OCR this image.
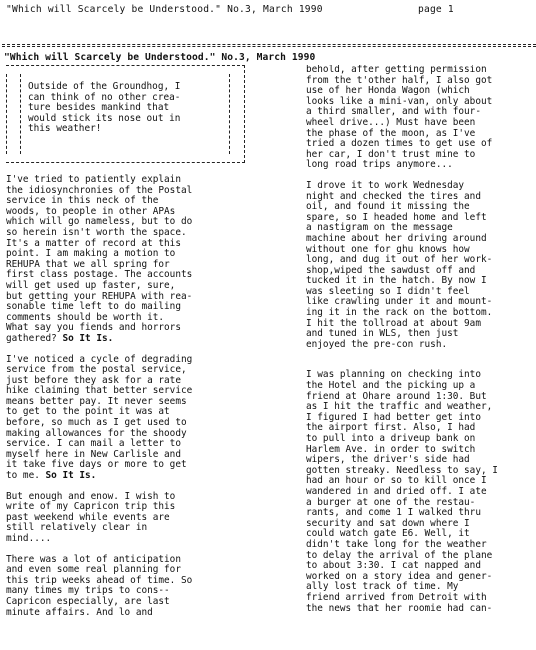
"Which will Scarcely be Understood." No.3, March 1990	page 1
"Which will Scarcely be Understood." No.3, March 1990
Outside of the Groundhog, I
can think of no other crea-
ture besides mankind that
would stick its nose out in
this weather!
I've tried to patiently explain
the idiosynchronies of the Postal
service in this neck of the
woods, to people in other APAs
which will go nameless, but to do
so herein isn't worth the space.
It's a matter of record at this
point. I am making a motion to
REHUPA that we all spring for
first class postage. The accounts
will get used up faster, sure,
but getting your REHUPA with rea-
sonable time left to do mailing
comments should be worth it.
What say you fiends and horrors
gathered? So It Is.
I've noticed a cycle of degrading
service from the postal service,
just before they ask for a rate
hike claiming that better service
means better pay. It never seems
to get to the point it was at
before, so much as I get used to
making allowances for the shoody
service. I can mail a letter to
myself here in New Carlisle and
it take five days or more to get
to me. So It Is.
But enough and enow. I wish to
write of my Capricon trip this
past weekend while events are
still relatively clear in
mind....
There was a lot of anticipation
and even some real planning for
this trip weeks ahead of time. So
many times my trips to cons--
Capricon especially, are last
minute affairs. And lo and
behold, after getting permission
from the t'other half, I also got
use of her Honda Wagon (which
looks like a mini-van, only about
a third smaller, and with four-
wheel drive...) Must have been
the phase of the moon, as I've
tried a dozen times to get use of
her car, I don't trust mine to
long road trips anymore...
I drove it to work Wednesday
night and checked the tires and
oil, and found it missing the
spare, so I headed home and left
a nastigram on the message
machine about her driving around
without one for ghu knows how
long, and dug it out of her work-
shop,wiped the sawdust off and
tucked it in the hatch. By now I
was sleeting so I didn't feel
like crawling under it and mount-
ing it in the rack on the bottom.
I hit the tollroad at about 9am
and tuned in WLS, then just
enjoyed the pre-con rush.
I was planning on checking into
the Hotel and the picking up a
friend at Ohare around 1:30. But
as I hit the traffic and weather,
I figured I had better get into
the airport first. Also, I had
to pull into a driveup bank on
Harlem Ave. in order to switch
wipers, the driver's side had
gotten streaky. Needless to say, I
had an hour or so to kill once I
wandered in and dried off. I ate
a burger at one of the restau-
rants, and come 1 I walked thru
security and sat down where I
could watch gate E6. Well, it
didn't take long for the weather
to delay the arrival of the plane
to about 3:30. I cat napped and
worked on a story idea and gener-
ally lost track of time. My
friend arrived from Detroit with
the news that her roomie had can-
